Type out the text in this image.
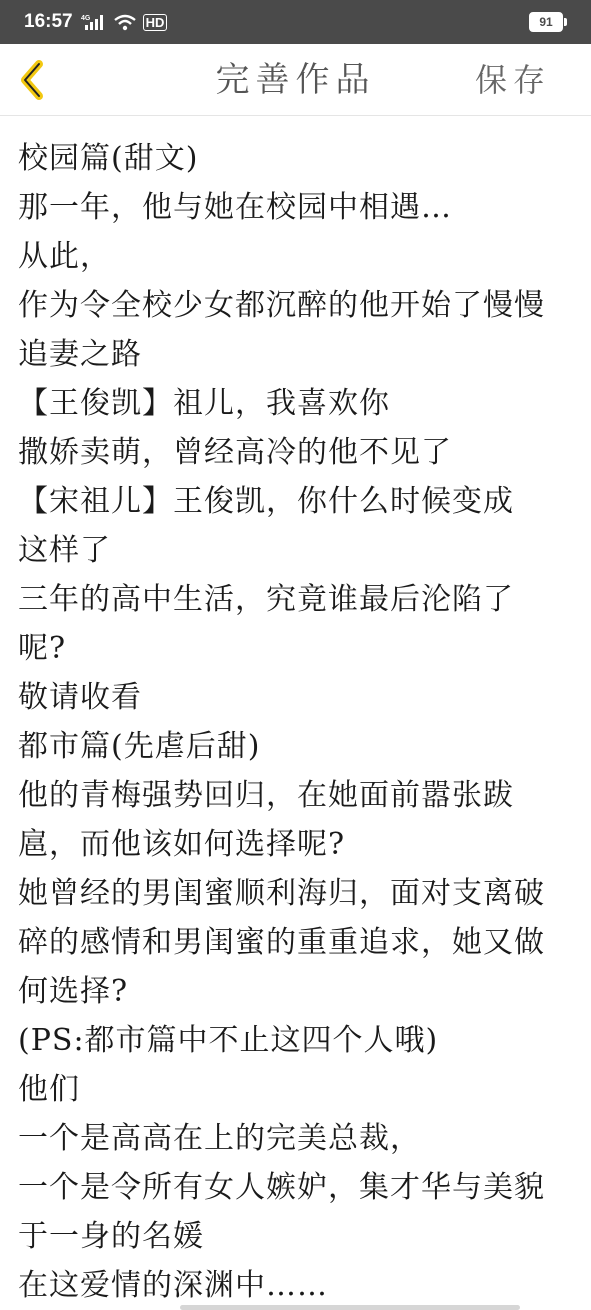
16:57 4G	HD	91
完善作品	保存
校园篇(甜文)
那一年，他与她在校园中相遇…
从此，
作为令全校少女都沉醉的他开始了慢慢
追妻之路
【王俊凯】祖儿，我喜欢你
撒娇卖萌，曾经高冷的他不见了
【宋祖儿】王俊凯，你什么时候变成
这样了
三年的高中生活，究竟谁最后沦陷了
呢?
敬请收看
都市篇(先虐后甜)
他的青梅强势回归，在她面前嚣张跋
扈，而他该如何选择呢?
她曾经的男闺蜜顺利海归，面对支离破
碎的感情和男闺蜜的重重追求，她又做
何选择?
(PS:都市篇中不止这四个人哦)
他们
一个是高高在上的完美总裁，
一个是令所有女人嫉妒，集才华与美貌
于一身的名媛
在这爱情的深渊中……
